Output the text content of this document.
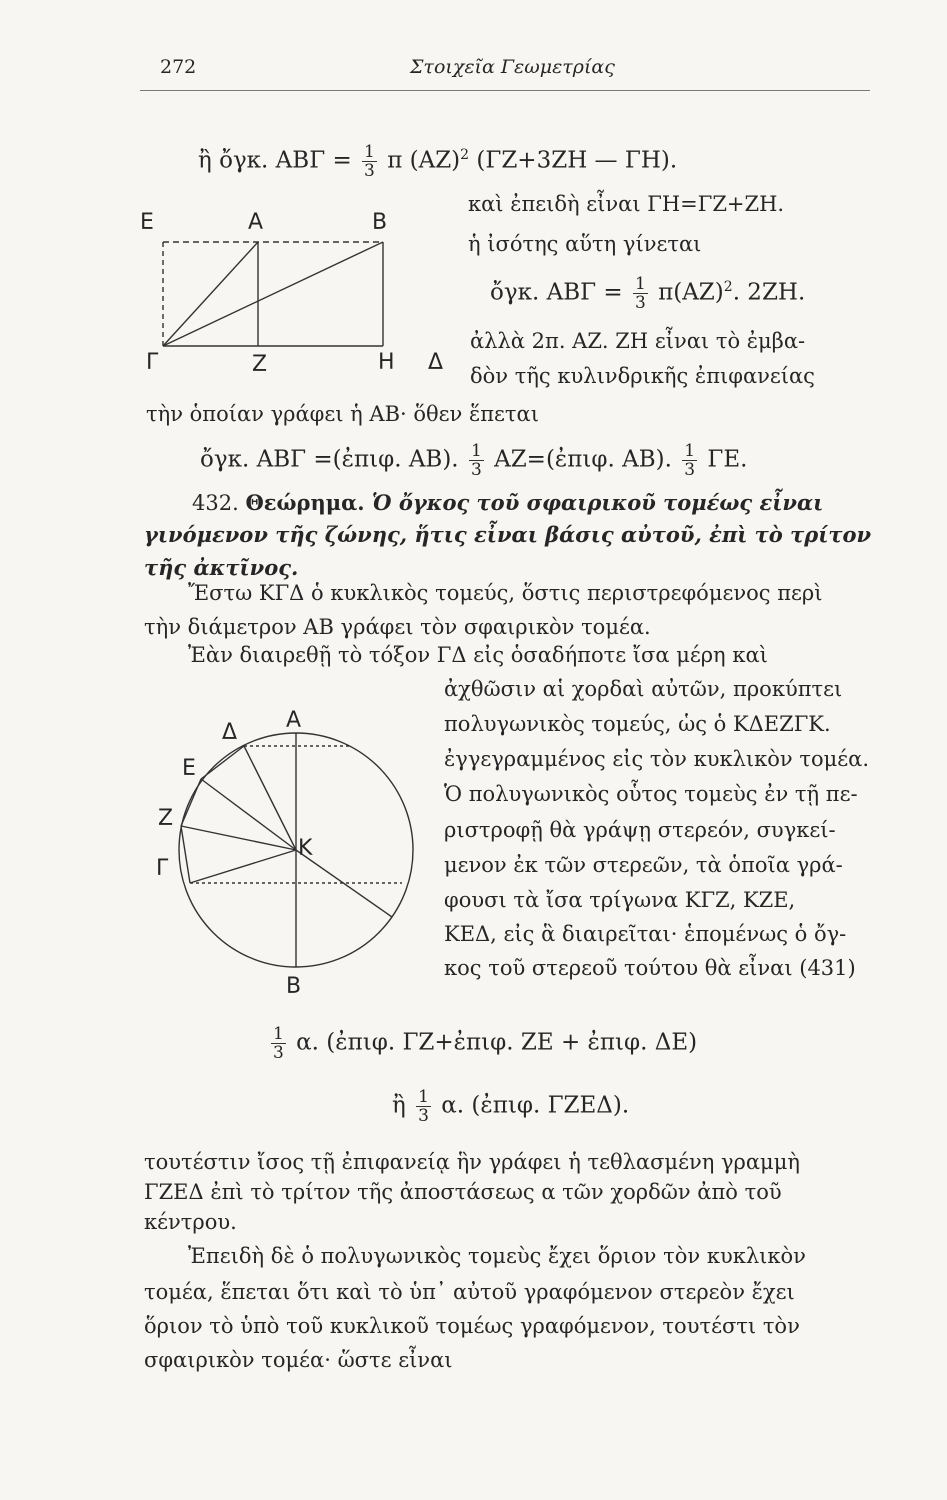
272	Στοιχεῖα Γεωμετρίας
ἢ ὄγκ. $AB\Gamma = \frac{1}{3}$ π $(AZ)^2$ (ΓΖ+3ΖΗ — ΓΗ).
καὶ ἐπειδὴ εἶναι ΓΗ=ΓΖ+ΖΗ.
ἡ ἰσότης αὕτη γίνεται
ὄγκ. $AB\Gamma = \frac{1}{3} \pi(AZ)^2$. 2ΖΗ.
ἀλλὰ 2π. ΑΖ. ΖΗ εἶναι τὸ ἐμβα-
δὸν τῆς κυλινδρικῆς ἐπιφανείας
τὴν ὁποίαν γράφει ἡ ΑΒ· ὅθεν ἕπεται
ὄγκ. ΑΒΓ =(ἐπιφ. ΑΒ). $\frac{1}{3}$ ΑΖ=(ἐπιφ. ΑΒ). $\frac{1}{3} \Gamma E$.
Ε	Α	Β
Γ	Ζ	Η Δ
432. Θεώρημα. Ὁ ὄγκος τοῦ σφαιρικοῦ τομέως εἶναι
γινόμενον τῆς ζώνης, ἥτις εἶναι βάσις αὐτοῦ, ἐπὶ τὸ τρίτον
τῆς ἀκτῖνος.
Ἔστω ΚΓΔ ὁ κυκλικὸς τομεύς, ὅστις περιστρεφόμενος περὶ
τὴν διάμετρον ΑΒ γράφει τὸν σφαιρικὸν τομέα.
Ἐὰν διαιρεθῇ τὸ τόξον ΓΔ εἰς ὁσαδήποτε ἴσα μέρη καὶ
ἀχθῶσιν αἱ χορδαὶ αὐτῶν, προκύπτει
πολυγωνικὸς τομεύς, ὡς ὁ ΚΔΕΖΓΚ.
ἐγγεγραμμένος εἰς τὸν κυκλικὸν τομέα.
Ὁ πολυγωνικὸς οὗτος τομεὺς ἐν τῇ πε-
ριστροφῇ θὰ γράψῃ στερεόν, συγκεί-
μενον ἐκ τῶν στερεῶν, τὰ ὁποῖα γρά-
φουσι τὰ ἴσα τρίγωνα ΚΓΖ, ΚΖΕ,
ΚΕΔ, εἰς ἃ διαιρεῖται· ἑπομένως ὁ ὄγ-
κος τοῦ στερεοῦ τούτου θὰ εἶναι (431)
Α
Δ
Ε
Ζ
Κ
Γ
Β
$\frac{1}{3} \alpha$. (ἐπιφ. ΓΖ+ἐπιφ. ΖΕ + ἐπιφ. ΔΕ)
ἢ $\frac{1}{3} \alpha$. (ἐπιφ. ΓΖΕΔ).
τουτέστιν ἴσος τῇ ἐπιφανείᾳ ἣν γράφει ἡ τεθλασμένη γραμμὴ
ΓΖΕΔ ἐπὶ τὸ τρίτον τῆς ἀποστάσεως α τῶν χορδῶν ἀπὸ τοῦ
κέντρου.
Ἐπειδὴ δὲ ὁ πολυγωνικὸς τομεὺς ἔχει ὅριον τὸν κυκλικὸν
τομέα, ἕπεται ὅτι καὶ τὸ ὑπ᾽ αὐτοῦ γραφόμενον στερεὸν ἔχει
ὅριον τὸ ὑπὸ τοῦ κυκλικοῦ τομέως γραφόμενον, τουτέστι τὸν
σφαιρικὸν τομέα· ὥστε εἶναι
